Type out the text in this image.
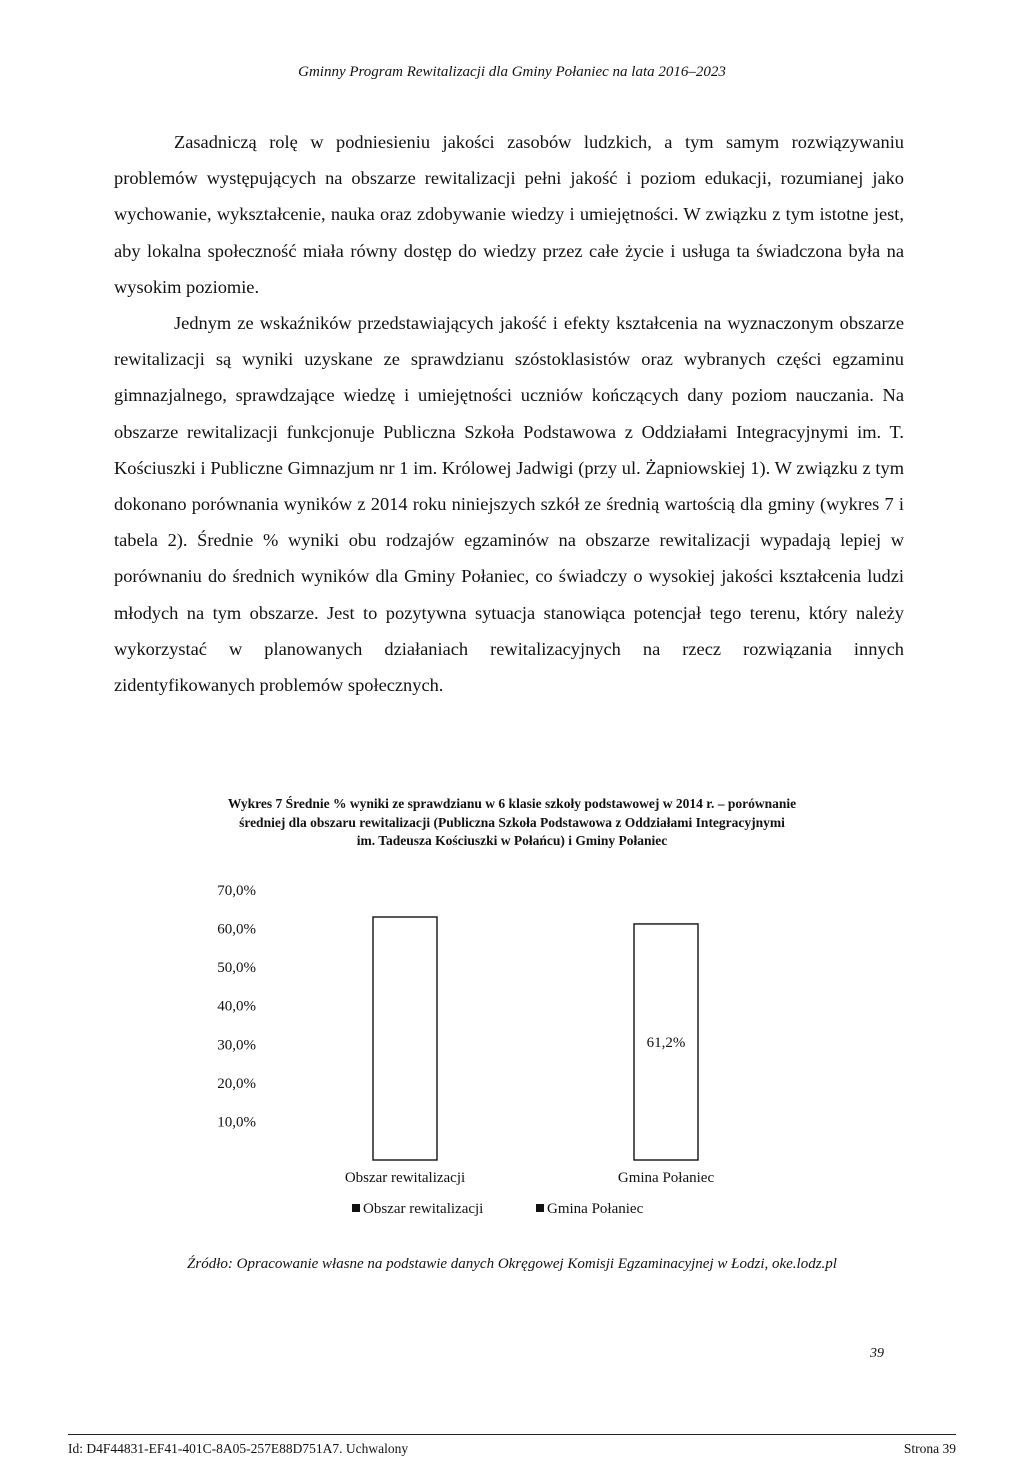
Gminny Program Rewitalizacji dla Gminy Połaniec na lata 2016–2023

Zasadniczą rolę w podniesieniu jakości zasobów ludzkich, a tym samym rozwiązywaniu problemów występujących na obszarze rewitalizacji pełni jakość i poziom edukacji, rozumianej jako wychowanie, wykształcenie, nauka oraz zdobywanie wiedzy i umiejętności. W związku z tym istotne jest, aby lokalna społeczność miała równy dostęp do wiedzy przez całe życie i usługa ta świadczona była na wysokim poziomie.

Jednym ze wskaźników przedstawiających jakość i efekty kształcenia na wyznaczonym obszarze rewitalizacji są wyniki uzyskane ze sprawdzianu szóstoklasistów oraz wybranych części egzaminu gimnazjalnego, sprawdzające wiedzę i umiejętności uczniów kończących dany poziom nauczania. Na obszarze rewitalizacji funkcjonuje Publiczna Szkoła Podstawowa z Oddziałami Integracyjnymi im. T. Kościuszki i Publiczne Gimnazjum nr 1 im. Królowej Jadwigi (przy ul. Żapniowskiej 1). W związku z tym dokonano porównania wyników z 2014 roku niniejszych szkół ze średnią wartością dla gminy (wykres 7 i tabela 2). Średnie % wyniki obu rodzajów egzaminów na obszarze rewitalizacji wypadają lepiej w porównaniu do średnich wyników dla Gminy Połaniec, co świadczy o wysokiej jakości kształcenia ludzi młodych na tym obszarze. Jest to pozytywna sytuacja stanowiąca potencjał tego terenu, który należy wykorzystać w planowanych działaniach rewitalizacyjnych na rzecz rozwiązania innych zidentyfikowanych problemów społecznych.

Wykres 7 Średnie % wyniki ze sprawdzianu w 6 klasie szkoły podstawowej w 2014 r. – porównanie
średniej dla obszaru rewitalizacji (Publiczna Szkoła Podstawowa z Oddziałami Integracyjnymi
im. Tadeusza Kościuszki w Połańcu) i Gminy Połaniec
10,0%
20,0%
30,0%
40,0%
50,0%
60,0%
70,0%
Obszar rewitalizacji
61,2%
Gmina Połaniec
Obszar rewitalizacji	Gmina Połaniec
Źródło: Opracowanie własne na podstawie danych Okręgowej Komisji Egzaminacyjnej w Łodzi, oke.lodz.pl
39
Id: D4F44831-EF41-401C-8A05-257E88D751A7. Uchwalony	Strona 39
